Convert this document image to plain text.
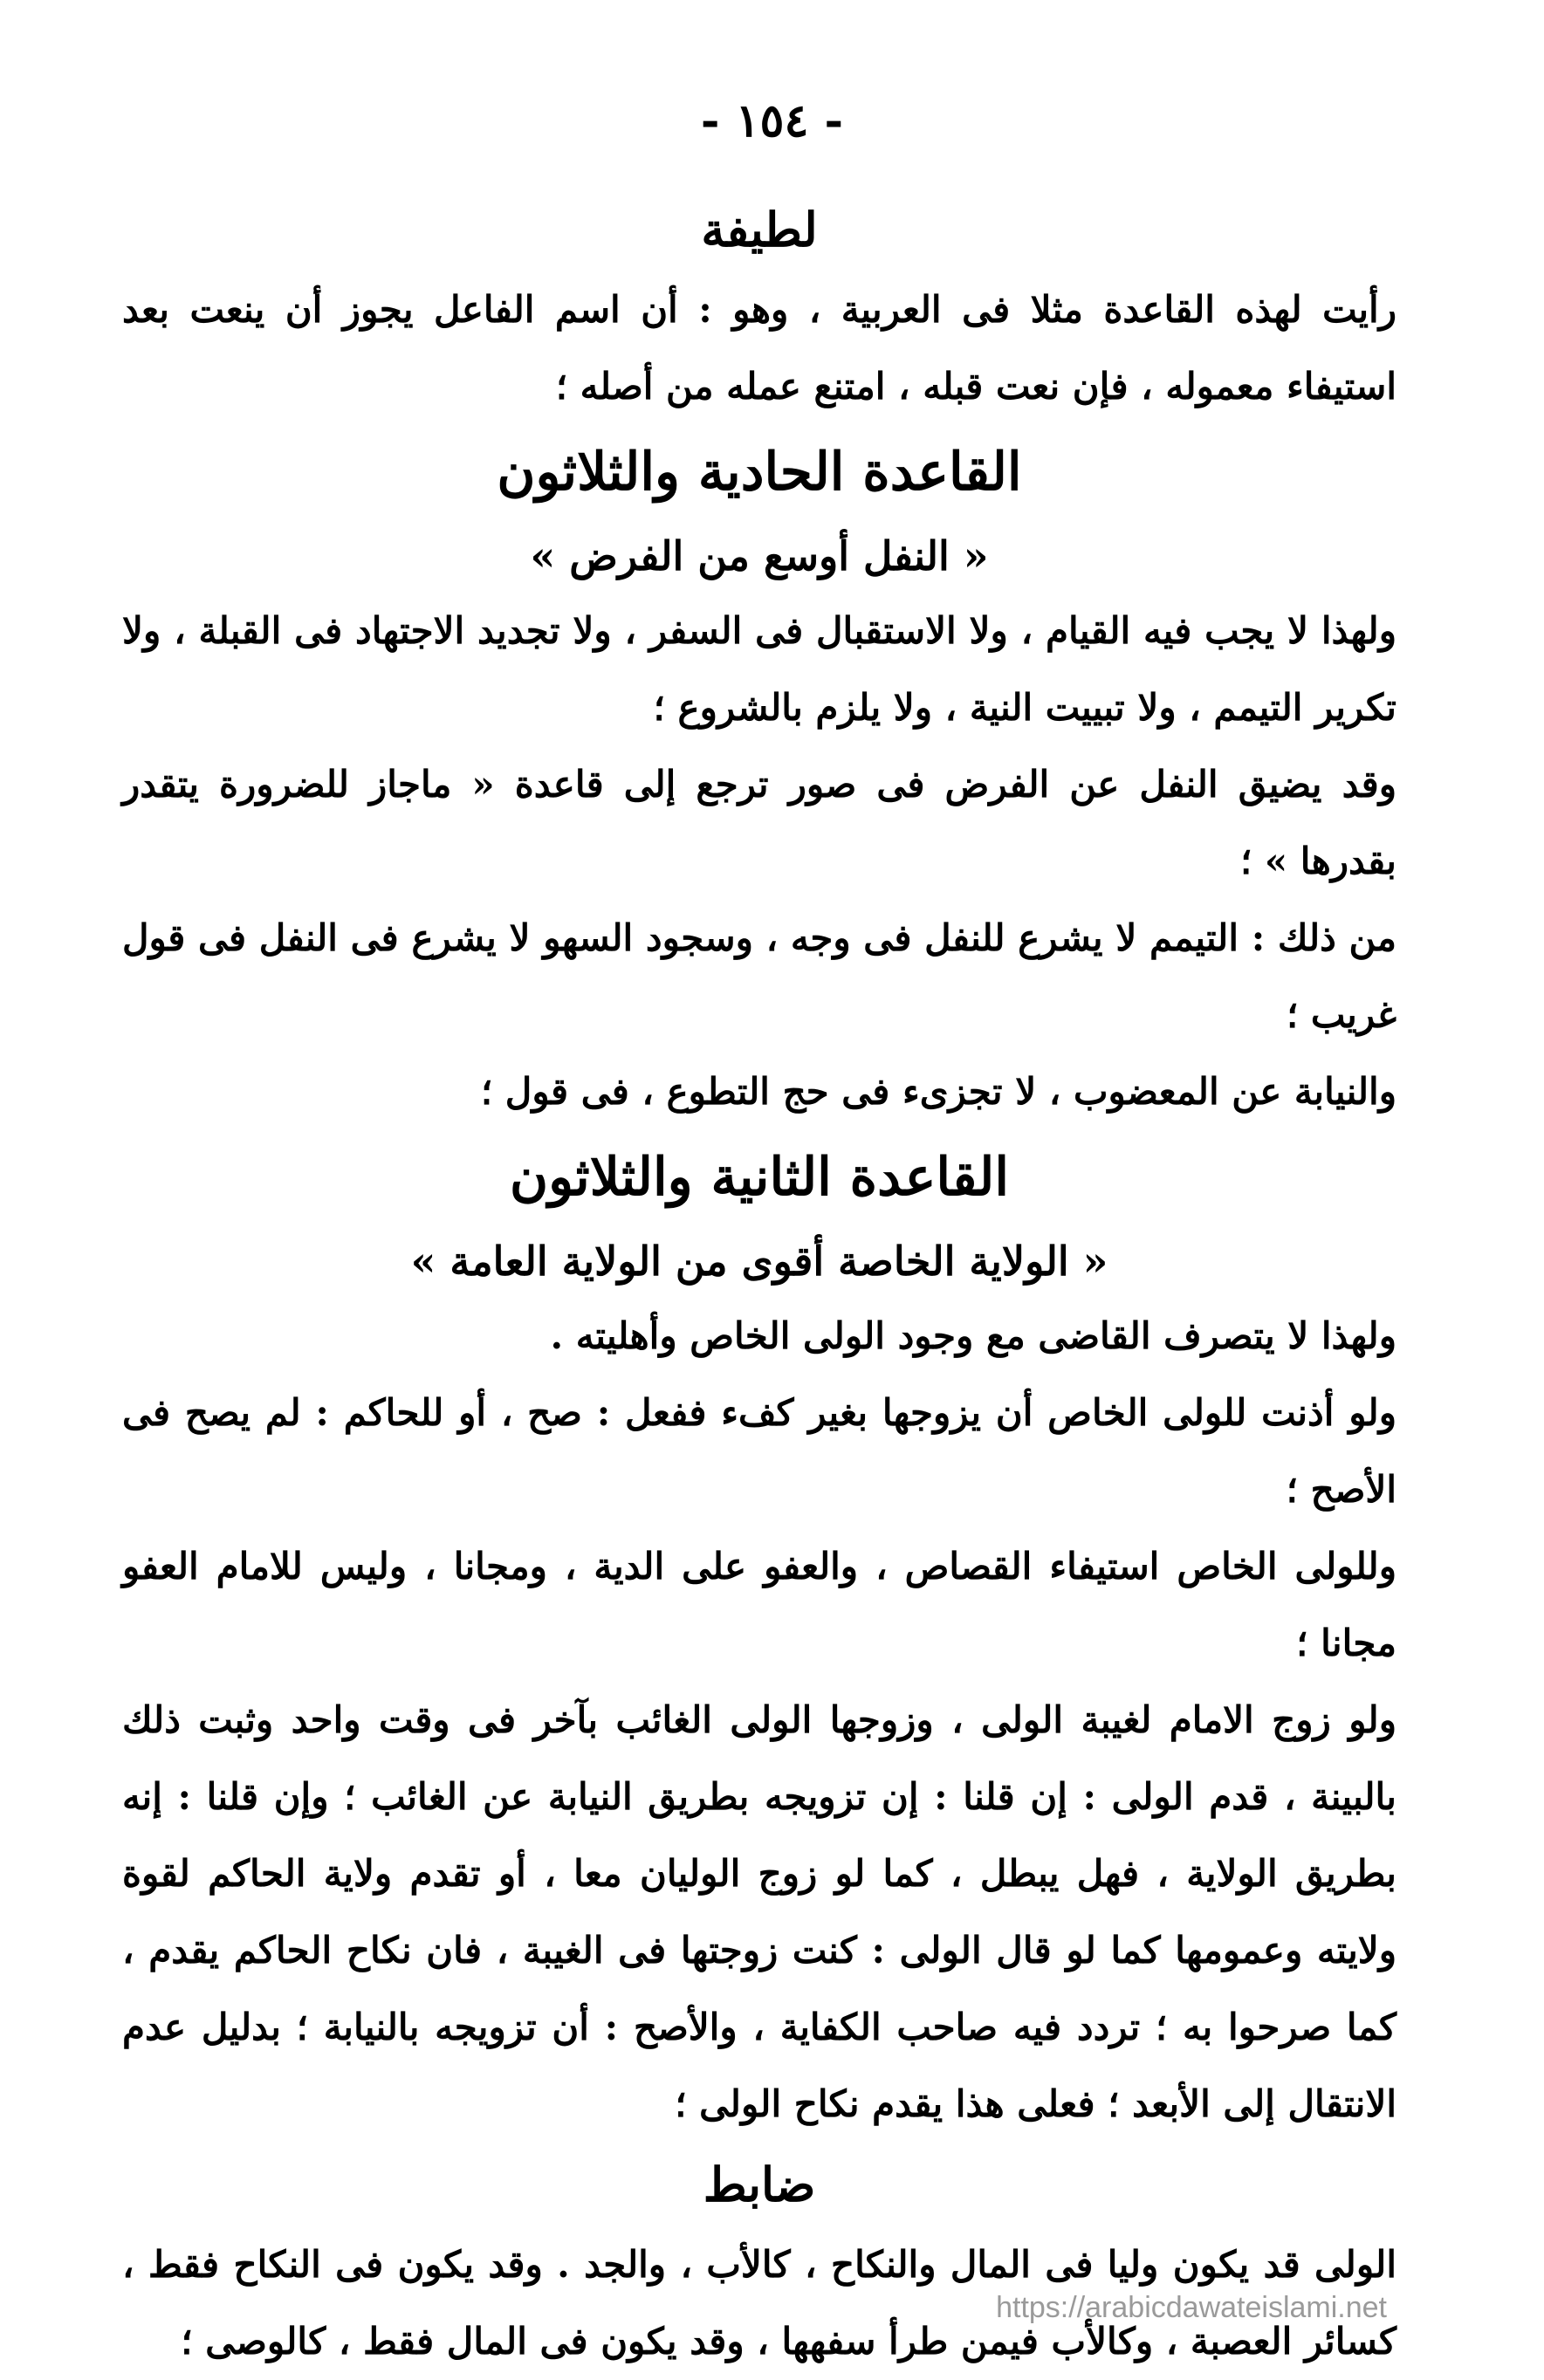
- ١٥٤ -
لطيفة

رأيت لهذه القاعدة مثلا فى العربية ، وهو : أن اسم الفاعل يجوز أن ينعت بعد استيفاء معموله ، فإن نعت قبله ، امتنع عمله من أصله ؛

القاعدة الحادية والثلاثون
« النفل أوسع من الفرض »

ولهذا لا يجب فيه القيام ، ولا الاستقبال فى السفر ، ولا تجديد الاجتهاد فى القبلة ، ولا تكرير التيمم ، ولا تبييت النية ، ولا يلزم بالشروع ؛

وقد يضيق النفل عن الفرض فى صور ترجع إلى قاعدة « ماجاز للضرورة يتقدر بقدرها » ؛

من ذلك : التيمم لا يشرع للنفل فى وجه ، وسجود السهو لا يشرع فى النفل فى قول غريب ؛

والنيابة عن المعضوب ، لا تجزىء فى حج التطوع ، فى قول ؛

القاعدة الثانية والثلاثون
« الولاية الخاصة أقوى من الولاية العامة »

ولهذا لا يتصرف القاضى مع وجود الولى الخاص وأهليته .

ولو أذنت للولى الخاص أن يزوجها بغير كفء ففعل : صح ، أو للحاكم : لم يصح فى الأصح ؛

وللولى الخاص استيفاء القصاص ، والعفو على الدية ، ومجانا ، وليس للامام العفو مجانا ؛

ولو زوج الامام لغيبة الولى ، وزوجها الولى الغائب بآخر فى وقت واحد وثبت ذلك بالبينة ، قدم الولى : إن قلنا : إن تزويجه بطريق النيابة عن الغائب ؛ وإن قلنا : إنه بطريق الولاية ، فهل يبطل ، كما لو زوج الوليان معا ، أو تقدم ولاية الحاكم لقوة ولايته وعمومها كما لو قال الولى : كنت زوجتها فى الغيبة ، فان نكاح الحاكم يقدم ، كما صرحوا به ؛ تردد فيه صاحب الكفاية ، والأصح : أن تزويجه بالنيابة ؛ بدليل عدم الانتقال إلى الأبعد ؛ فعلى هذا يقدم نكاح الولى ؛

ضابط

الولى قد يكون وليا فى المال والنكاح ، كالأب ، والجد . وقد يكون فى النكاح فقط ، كسائر العصبة ، وكالأب فيمن طرأ سفهها ، وقد يكون فى المال فقط ، كالوصى ؛

https://arabicdawateislami.net
